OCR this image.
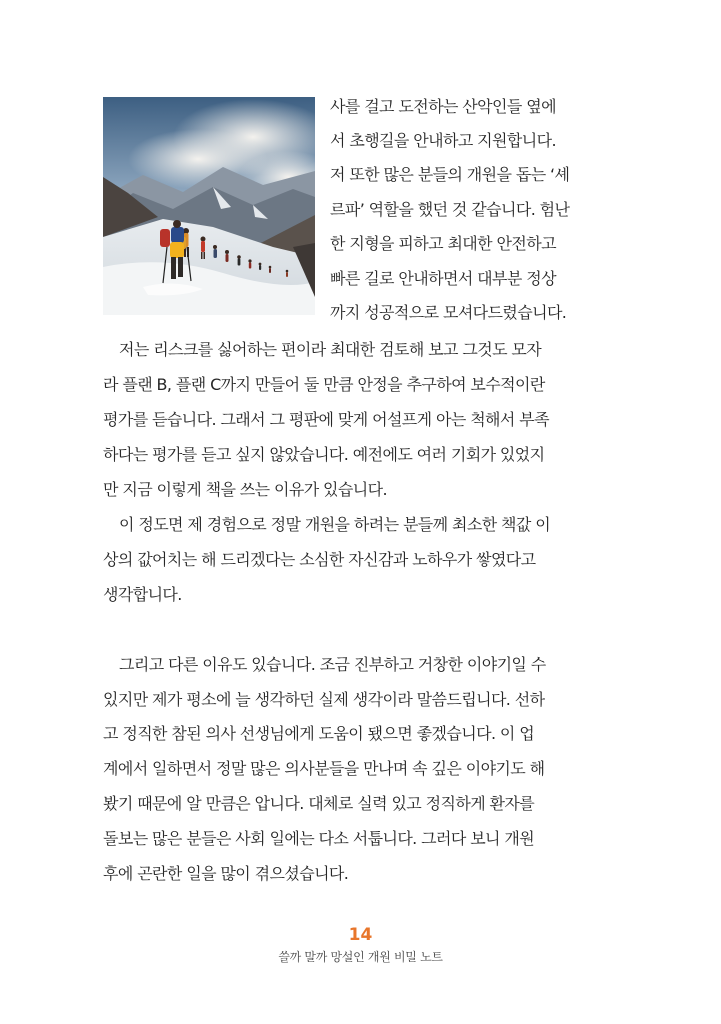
사를 걸고 도전하는 산악인들 옆에

서 초행길을 안내하고 지원합니다.

저 또한 많은 분들의 개원을 돕는 ‘셰

르파’ 역할을 했던 것 같습니다. 험난

한 지형을 피하고 최대한 안전하고

빠른 길로 안내하면서 대부분 정상

까지 성공적으로 모셔다드렸습니다.

저는 리스크를 싫어하는 편이라 최대한 검토해 보고 그것도 모자

라 플랜 B, 플랜 C까지 만들어 둘 만큼 안정을 추구하여 보수적이란

평가를 듣습니다. 그래서 그 평판에 맞게 어설프게 아는 척해서 부족

하다는 평가를 듣고 싶지 않았습니다. 예전에도 여러 기회가 있었지

만 지금 이렇게 책을 쓰는 이유가 있습니다.

이 정도면 제 경험으로 정말 개원을 하려는 분들께 최소한 책값 이

상의 값어치는 해 드리겠다는 소심한 자신감과 노하우가 쌓였다고

생각합니다.

그리고 다른 이유도 있습니다. 조금 진부하고 거창한 이야기일 수

있지만 제가 평소에 늘 생각하던 실제 생각이라 말씀드립니다. 선하

고 정직한 참된 의사 선생님에게 도움이 됐으면 좋겠습니다. 이 업

계에서 일하면서 정말 많은 의사분들을 만나며 속 깊은 이야기도 해

봤기 때문에 알 만큼은 압니다. 대체로 실력 있고 정직하게 환자를

돌보는 많은 분들은 사회 일에는 다소 서툽니다. 그러다 보니 개원

후에 곤란한 일을 많이 겪으셨습니다.

14
쓸까 말까 망설인 개원 비밀 노트
